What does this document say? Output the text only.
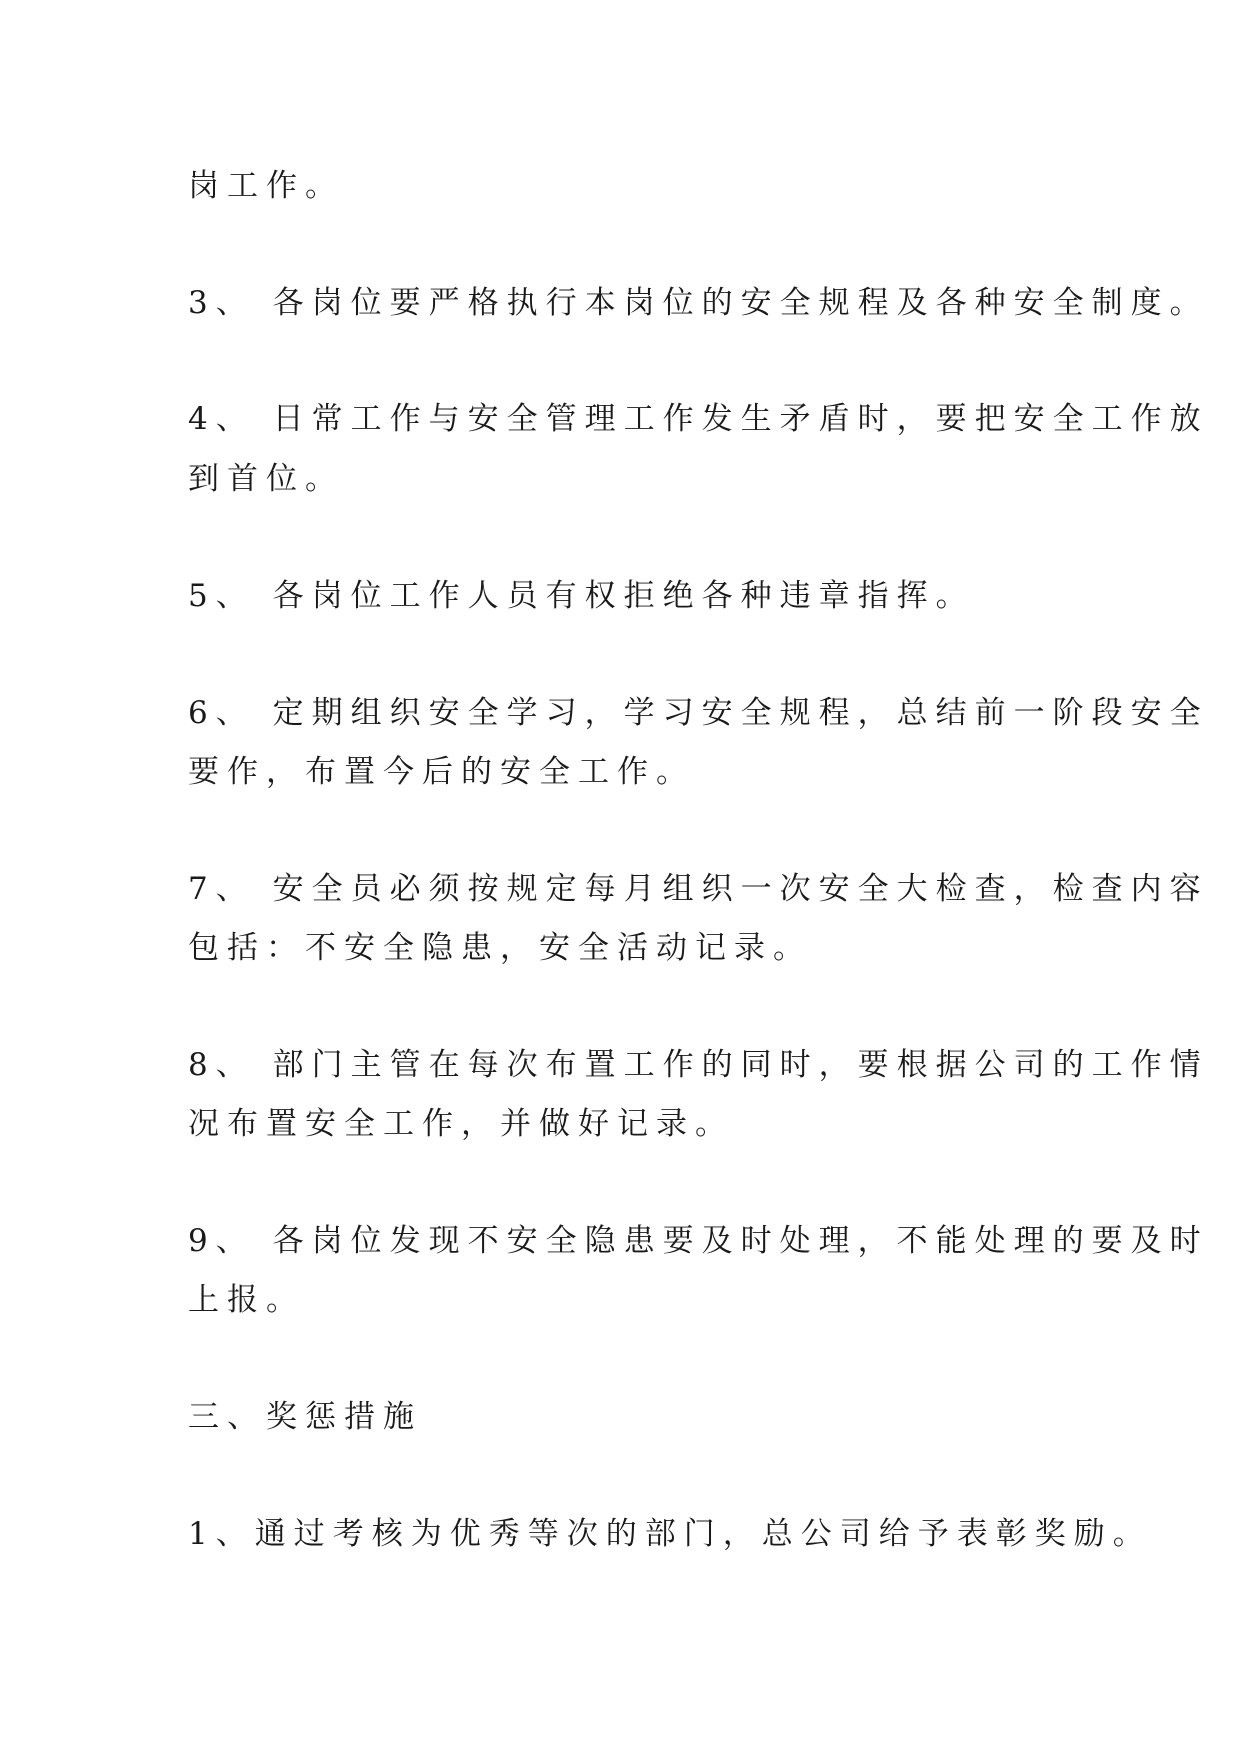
岗工作。
3、 各岗位要严格执行本岗位的安全规程及各种安全制度。
4、 日常工作与安全管理工作发生矛盾时，要把安全工作放
到首位。
5、 各岗位工作人员有权拒绝各种违章指挥。
6、 定期组织安全学习，学习安全规程，总结前一阶段安全
要作，布置今后的安全工作。
7、 安全员必须按规定每月组织一次安全大检查，检查内容
包括：不安全隐患，安全活动记录。
8、 部门主管在每次布置工作的同时，要根据公司的工作情
况布置安全工作，并做好记录。
9、 各岗位发现不安全隐患要及时处理，不能处理的要及时
上报。
三、奖惩措施
1、通过考核为优秀等次的部门，总公司给予表彰奖励。
